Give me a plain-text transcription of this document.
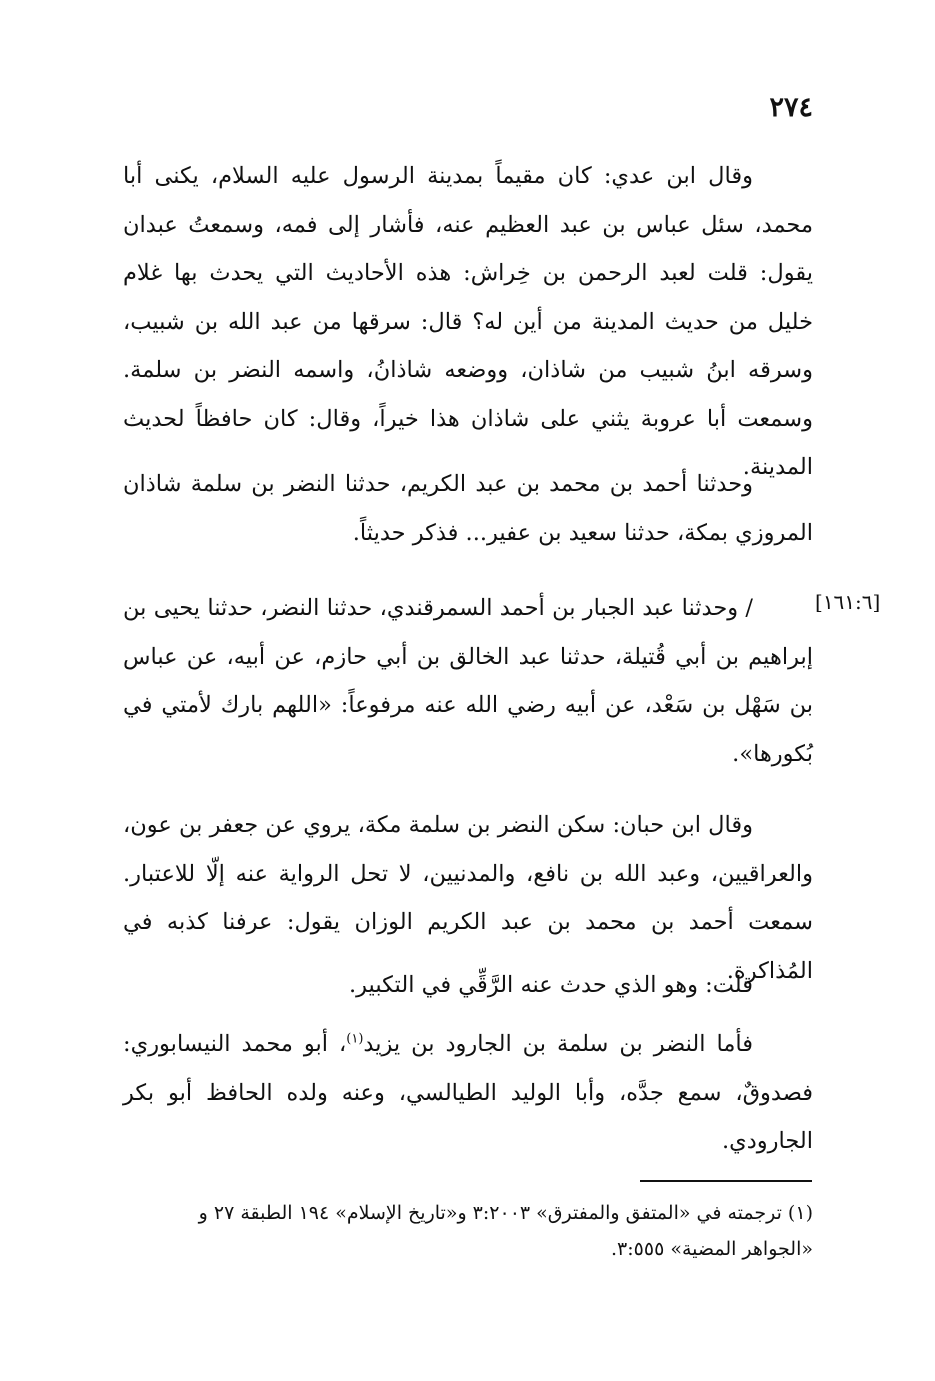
٢٧٤

وقال ابن عدي: كان مقيماً بمدينة الرسول عليه السلام، يكنى أبا محمد، سئل عباس بن عبد العظيم عنه، فأشار إلى فمه، وسمعتُ عبدان يقول: قلت لعبد الرحمن بن خِراش: هذه الأحاديث التي يحدث بها غلام خليل من حديث المدينة من أين له؟ قال: سرقها من عبد الله بن شبيب، وسرقه ابنُ شبيب من شاذان، ووضعه شاذانُ، واسمه النضر بن سلمة. وسمعت أبا عروبة يثني على شاذان هذا خيراً، وقال: كان حافظاً لحديث المدينة.

وحدثنا أحمد بن محمد بن عبد الكريم، حدثنا النضر بن سلمة شاذان المروزي بمكة، حدثنا سعيد بن عفير... فذكر حديثاً.

[١٦١:٦]

/ وحدثنا عبد الجبار بن أحمد السمرقندي، حدثنا النضر، حدثنا يحيى بن إبراهيم بن أبي قُتيلة، حدثنا عبد الخالق بن أبي حازم، عن أبيه، عن عباس بن سَهْل بن سَعْد، عن أبيه رضي الله عنه مرفوعاً: «اللهم بارك لأمتي في بُكورها».

وقال ابن حبان: سكن النضر بن سلمة مكة، يروي عن جعفر بن عون، والعراقيين، وعبد الله بن نافع، والمدنيين، لا تحل الرواية عنه إلّا للاعتبار. سمعت أحمد بن محمد بن عبد الكريم الوزان يقول: عرفنا كذبه في المُذاكرة.

قلت: وهو الذي حدث عنه الرَّقِّي في التكبير.

فأما النضر بن سلمة بن الجارود بن يزيد$^{(١)}$، أبو محمد النيسابوري: فصدوقٌ، سمع جدَّه، وأبا الوليد الطيالسي، وعنه ولده الحافظ أبو بكر الجارودي.

(١) ترجمته في «المتفق والمفترق» ٣:٢٠٠٣ و«تاريخ الإسلام» ١٩٤ الطبقة ٢٧ و «الجواهر المضية» ٣:٥٥٥.
